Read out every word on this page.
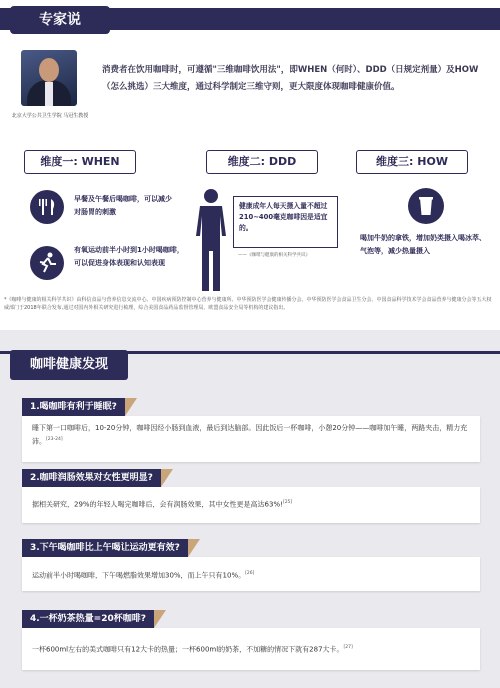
专家说
北京大学公共卫生学院 马冠生教授
消费者在饮用咖啡时，可遵循"三维咖啡饮用法"，即WHEN（何时）、DDD（日规定剂量）及HOW（怎么挑选）三大维度，通过科学制定三维守则，更大限度体现咖啡健康价值。
维度一: WHEN	维度二: DDD	维度三: HOW
早餐及午餐后喝咖啡，可以减少对肠胃的刺激
有氧运动前半小时到1小时喝咖啡，可以促进身体表现和认知表现
健康成年人每天摄入量不超过210~400毫克咖啡因是适宜的。
——《咖啡与健康的相关科学共识》
喝加牛奶的拿铁，增加奶类摄入喝冰萃、气泡等，减少热量摄入
*《咖啡与健康的相关科学共识》由科信食品与营养信息交流中心、中国疾病预防控制中心营养与健康所、中华预防医学会健康传播分会、中华预防医学会食品卫生分会、中国食品科学技术学会食品营养与健康分会等五大权威部门于2018年联合发布,通过对国内外相关研究进行梳理，综合美国食品药品监督管理局、欧盟食品安全局等机构的建议指出。
咖啡健康发现
1.喝咖啡有利于睡眠?
睡下第一口咖啡后，10-20分钟，咖啡因经小肠到血液，最后到达脑部。因此饭后一杯咖啡，小憩20分钟——咖啡加午睡，两路夹击，精力充沛。[23-24]
2.咖啡润肠效果对女性更明显?
据相关研究，29%的年轻人喝完咖啡后，会有润肠效果，其中女性更是高达63%![25]
3.下午喝咖啡比上午喝让运动更有效?
运动前半小时喝咖啡，下午喝燃脂效果增加30%，而上午只有10%。[26]
4.一杯奶茶热量=20杯咖啡?
一杯600ml左右的美式咖啡只有12大卡的热量；一杯600ml的奶茶，不加糖的情况下就有287大卡。[27]
